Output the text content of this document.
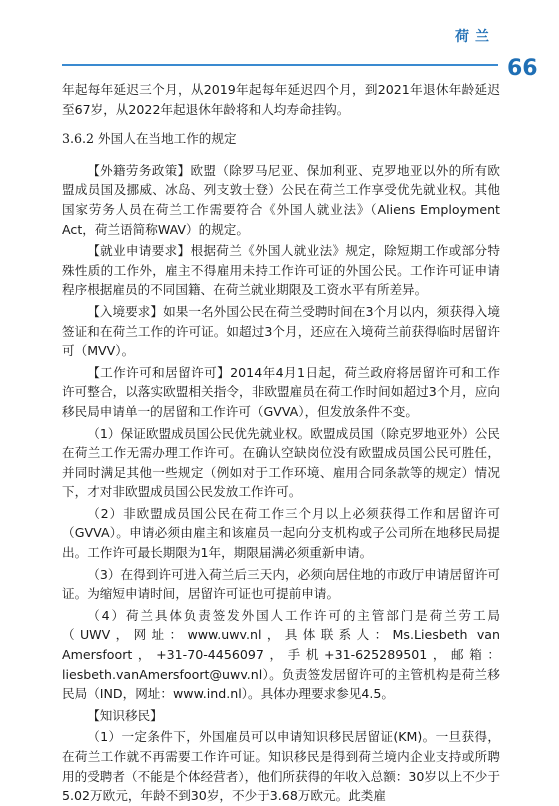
荷兰
66

年起每年延迟三个月，从2019年起每年延迟四个月，到2021年退休年龄延迟至67岁，从2022年起退休年龄将和人均寿命挂钩。

3.6.2 外国人在当地工作的规定

【外籍劳务政策】欧盟（除罗马尼亚、保加利亚、克罗地亚以外的所有欧盟成员国及挪威、冰岛、列支敦士登）公民在荷兰工作享受优先就业权。其他国家劳务人员在荷兰工作需要符合《外国人就业法》（Aliens Employment Act，荷兰语简称WAV）的规定。

【就业申请要求】根据荷兰《外国人就业法》规定，除短期工作或部分特殊性质的工作外，雇主不得雇用未持工作许可证的外国公民。工作许可证申请程序根据雇员的不同国籍、在荷兰就业期限及工资水平有所差异。

【入境要求】如果一名外国公民在荷兰受聘时间在3个月以内，须获得入境签证和在荷兰工作的许可证。如超过3个月，还应在入境荷兰前获得临时居留许可（MVV）。

【工作许可和居留许可】2014年4月1日起，荷兰政府将居留许可和工作许可整合，以落实欧盟相关指令，非欧盟雇员在荷工作时间如超过3个月，应向移民局申请单一的居留和工作许可（GVVA），但发放条件不变。

（1）保证欧盟成员国公民优先就业权。欧盟成员国（除克罗地亚外）公民在荷兰工作无需办理工作许可。在确认空缺岗位没有欧盟成员国公民可胜任，并同时满足其他一些规定（例如对于工作环境、雇用合同条款等的规定）情况下，才对非欧盟成员国公民发放工作许可。

（2）非欧盟成员国公民在荷工作三个月以上必须获得工作和居留许可（GVVA）。申请必须由雇主和该雇员一起向分支机构或子公司所在地移民局提出。工作许可最长期限为1年，期限届满必须重新申请。

（3）在得到许可进入荷兰后三天内，必须向居住地的市政厅申请居留许可证。为缩短申请时间，居留许可证也可提前申请。

（4）荷兰具体负责签发外国人工作许可的主管部门是荷兰劳工局（UWV，网址：www.uwv.nl，具体联系人：Ms.Liesbeth van Amersfoort，+31-70-4456097，手机+31-625289501，邮箱：liesbeth.vanAmersfoort@uwv.nl）。负责签发居留许可的主管机构是荷兰移民局（IND，网址：www.ind.nl）。具体办理要求参见4.5。

【知识移民】

（1）一定条件下，外国雇员可以申请知识移民居留证(KM)。一旦获得，在荷兰工作就不再需要工作许可证。知识移民是得到荷兰境内企业支持或所聘用的受聘者（不能是个体经营者），他们所获得的年收入总额：30岁以上不少于5.02万欧元，年龄不到30岁，不少于3.68万欧元。此类雇
